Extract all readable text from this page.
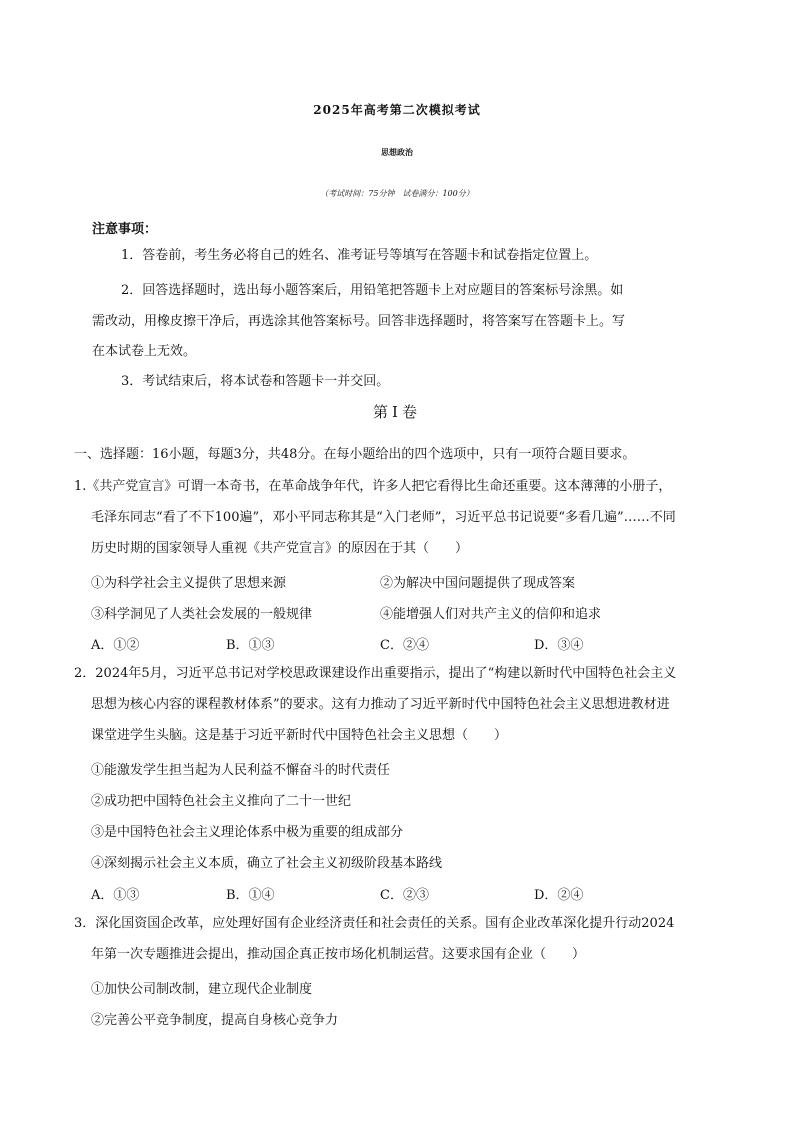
2025年高考第二次模拟考试
思想政治
（考试时间：75分钟　试卷满分：100分）
注意事项：
1．答卷前，考生务必将自己的姓名、准考证号等填写在答题卡和试卷指定位置上。
2．回答选择题时，选出每小题答案后，用铅笔把答题卡上对应题目的答案标号涂黑。如
需改动，用橡皮擦干净后，再选涂其他答案标号。回答非选择题时，将答案写在答题卡上。写
在本试卷上无效。
3．考试结束后，将本试卷和答题卡一并交回。
第Ⅰ卷
一、选择题：16小题，每题3分，共48分。在每小题给出的四个选项中，只有一项符合题目要求。
1.《共产党宣言》可谓一本奇书，在革命战争年代，许多人把它看得比生命还重要。这本薄薄的小册子，
毛泽东同志“看了不下100遍”，邓小平同志称其是“入门老师”，习近平总书记说要“多看几遍”……不同
历史时期的国家领导人重视《共产党宣言》的原因在于其（　　）
①为科学社会主义提供了思想来源	②为解决中国问题提供了现成答案
③科学洞见了人类社会发展的一般规律	④能增强人们对共产主义的信仰和追求
A．①②	B．①③	C．②④	D．③④
2．2024年5月，习近平总书记对学校思政课建设作出重要指示，提出了“构建以新时代中国特色社会主义
思想为核心内容的课程教材体系”的要求。这有力推动了习近平新时代中国特色社会主义思想进教材进
课堂进学生头脑。这是基于习近平新时代中国特色社会主义思想（　　）
①能激发学生担当起为人民利益不懈奋斗的时代责任
②成功把中国特色社会主义推向了二十一世纪
③是中国特色社会主义理论体系中极为重要的组成部分
④深刻揭示社会主义本质，确立了社会主义初级阶段基本路线
A．①③	B．①④	C．②③	D．②④
3．深化国资国企改革，应处理好国有企业经济责任和社会责任的关系。国有企业改革深化提升行动2024
年第一次专题推进会提出，推动国企真正按市场化机制运营。这要求国有企业（　　）
①加快公司制改制，建立现代企业制度
②完善公平竞争制度，提高自身核心竞争力
